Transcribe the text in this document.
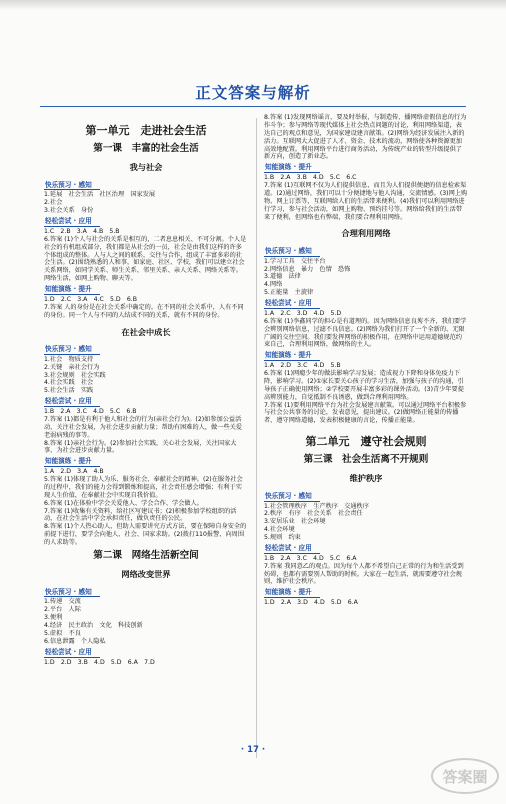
正文答案与解析
第一单元　走进社会生活
第一课　丰富的社会生活
我与社会
快乐预习 · 感知
1.延展　社会生活　社区治理　国家发展
2.社会
3.社会关系　身份
轻松尝试 · 应用
1.C　2.B　3.A　4.B　5.B
6.答案 (1)个人与社会的关系是相互的，二者息息相关、不可分割。个人是社会的有机组成部分，我们都是从社会的一员，社会是由我们这样的许多个体组成的整体。人与人之间的联系，交往与合作，组成了丰富多彩的社会生活。(2)围绕熟悉的人和事，如家庭、社区、学校，我们可以建立社会关系网络，如同学关系、师生关系、邻里关系、亲人关系、网络关系等。
网络生活，如网上购物、聊天等。
知能演练 · 提升
1.D　2.C　3.A　4.C　5.D　6.B
7.答案 人的身份是在社会关系中确定的。在不同的社会关系中，人有不同的身份。同一个人与不同的人结成不同的关系，就有不同的身份。
在社会中成长
快乐预习 · 感知
1.社会　物质支持
2.关键　亲社会行为
3.社会规则　社会实践
4.社会实践　社会
5.社会生活　实践
轻松尝试 · 应用
1.B　2.A　3.C　4.D　5.C　6.B
7.答案 (1)都是有利于他人和社会的行为(亲社会行为)。(2)如参加公益活动，关注社会发展，为社会进步贡献力量；帮助有困难的人，做一些关爱老弱病残的事等。
8.答案 (1)亲社会行为。(2)参加社会实践，关心社会发展，关注国家大事，为社会进步贡献力量。
知能演练 · 提升
1.A　2.D　3.A　4.B
5.答案 (1)体现了助人为乐、服务社会、奉献社会的精神。(2)在服务社会的过程中，我们的能力会得到锻炼和提高，社会责任感会增强；有利于实现人生价值，在奉献社会中实现自我价值。
6.答案 (1)在体验中学会关爱他人、学会合作、学会做人。
7.答案 (1)收集有关资料，给社区写建议书；(2)积极参加学校组织的活动，在社会生活中学会承担责任，做负责任的公民。
8.答案 (1)个人热心助人，但助人需要讲究方式方法，要在保障自身安全的前提下进行，要学会向他人、社会、国家求助。(2)拨打110报警、向周围的人求助等。
第二课　网络生活新空间
网络改变世界
快乐预习 · 感知
1.传递　交流
2.平台　人际
3.便利
4.经济　民主政治　文化　科技创新
5.虚拟　不良
6.信息泄露　个人隐私
轻松尝试 · 应用
1.D　2.D　3.B　4.D　5.D　6.A　7.D
8.答案 (1)发现网络谣言，要及时举报，与制造传、播网络虚假信息的行为作斗争；参与网络等现代媒体上社会热点问题的讨论，利用网络渠道，表达自己的观点和意见，为国家建设建言献策。(2)网络为经济发展注入新的活力。互联网大大促进了人才、资金、技术的流动，网络使各种资源更加高效地配置。利用网络平台进行商务活动，为传统产业的转型升级提供了新方向，创造了新业态。
知能演练 · 提升
1.B　2.A　3.B　4.D　5.C　6.C
7.答案 (1)互联网不仅为人们提供信息，而且为人们提供便捷的信息检索渠道。(2)通过网络，我们可以十分便捷地与他人沟通，交流情感。(3)网上购物、网上订票等，互联网给人们的生活带来便利。(4)我们可以利用网络进行学习，参与社会活动，如网上购物、预约挂号等。网络给我们的生活带来了便利，但网络也有弊端，我们要合理利用网络。
合理利用网络
快乐预习 · 感知
1.学习工具　交往平台
2.网络信息　暴力　色情　恐怖
3.道德　法律
4.网络
5.正能量　主旋律
轻松尝试 · 应用
1.A　2.C　3.D　4.D　5.D
6.答案 (1)李鑫同学的担心是有道理的。因为网络信息良莠不齐，我们要学会辨别网络信息，过滤不良信息。(2)网络为我们打开了一个全新的、无限广阔的交往空间。我们要发挥网络的积极作用，在网络中运用道德规范约束自己，合理利用网络，做网络的主人。
知能演练 · 提升
1.A　2.D　3.C　4.D　5.B
6.答案 (1)网瘾少年的做法影响学习发展；造成视力下降和身体免疫力下降，影响学习。(2)①家长要关心孩子的学习生活，加强与孩子的沟通，引导孩子正确使用网络；②学校要开展丰富多彩的课外活动。(3)青少年要提高辨别能力，自觉抵制不良诱惑，做到合理利用网络。
7.答案 (1)要利用网络平台为社会发展建言献策。可以通过网络平台积极参与社会公共事务的讨论，发表意见，提出建议。(2)做网络正能量的传播者，遵守网络道德，发表积极健康的言论，传播正能量。
第二单元　遵守社会规则
第三课　社会生活离不开规则
维护秩序
快乐预习 · 感知
1.社会管理秩序　生产秩序　交通秩序
2.秩序　有序　社会关系　社会责任
3.安居乐业　社会环境
4.社会环境
5.规则　约束
轻松尝试 · 应用
1.B　2.A　3.C　4.D　5.C　6.A
7.答案 我同意乙的观点。因为每个人都不希望自己正常的行为和生活受到妨碍，也都有需要别人帮助的时候。大家在一起生活，就需要遵守社会规则，维护社会秩序。
知能演练 · 提升
1.D　2.A　3.D　4.D　5.D　6.A
· 17 ·
答案圈
